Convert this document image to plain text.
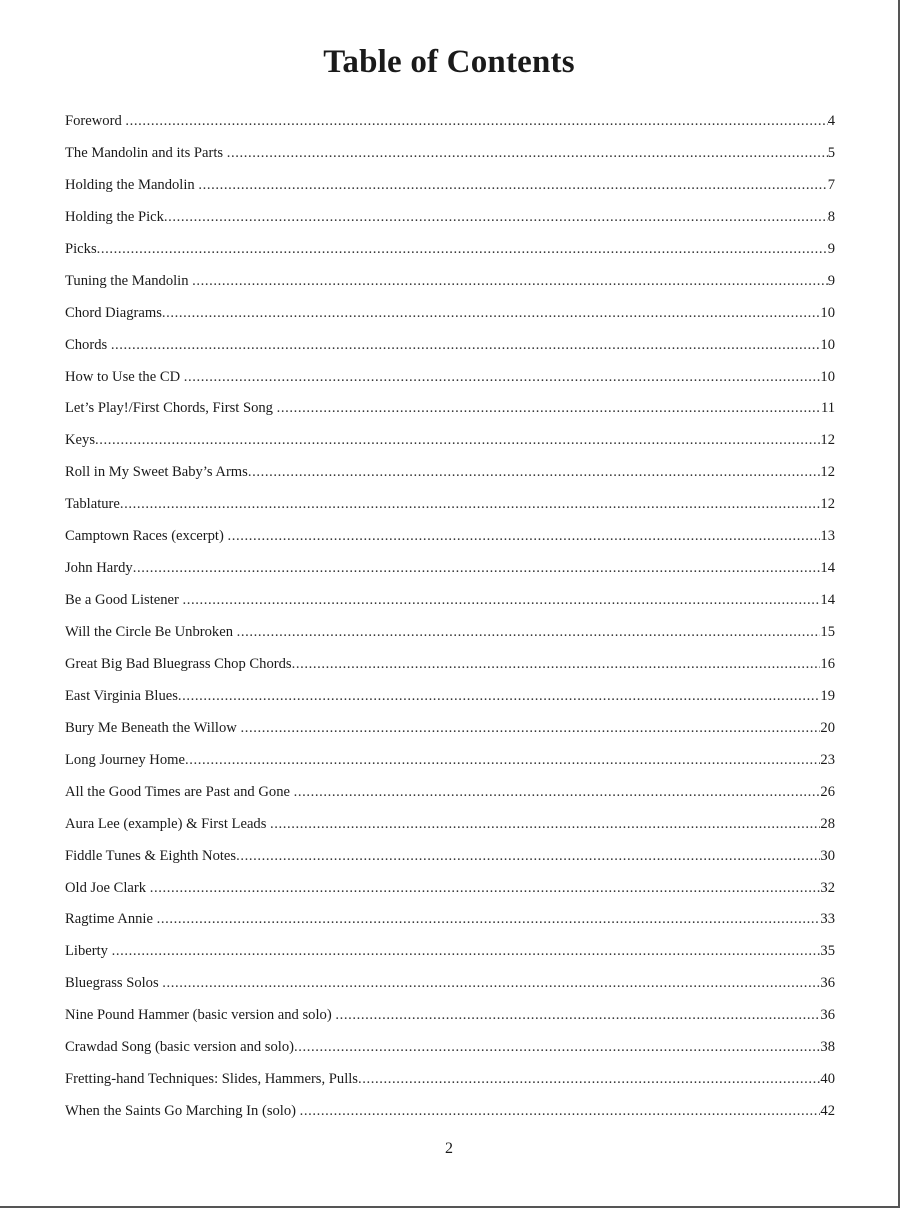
Table of Contents
Foreword .....	4
The Mandolin and its Parts .....	5
Holding the Mandolin .....	7
Holding the Pick .....	8
Picks .....	9
Tuning the Mandolin .....	9
Chord Diagrams .....	10
Chords .....	10
How to Use the CD .....	10
Let’s Play!/First Chords, First Song .....	11
Keys .....	12
Roll in My Sweet Baby’s Arms .....	12
Tablature .....	12
Camptown Races (excerpt) .....	13
John Hardy .....	14
Be a Good Listener .....	14
Will the Circle Be Unbroken .....	15
Great Big Bad Bluegrass Chop Chords .....	16
East Virginia Blues .....	19
Bury Me Beneath the Willow .....	20
Long Journey Home .....	23
All the Good Times are Past and Gone .....	26
Aura Lee (example) & First Leads .....	28
Fiddle Tunes & Eighth Notes .....	30
Old Joe Clark .....	32
Ragtime Annie .....	33
Liberty .....	35
Bluegrass Solos .....	36
Nine Pound Hammer (basic version and solo) .....	36
Crawdad Song (basic version and solo) .....	38
Fretting-hand Techniques: Slides, Hammers, Pulls .....	40
When the Saints Go Marching In (solo) .....	42
2
